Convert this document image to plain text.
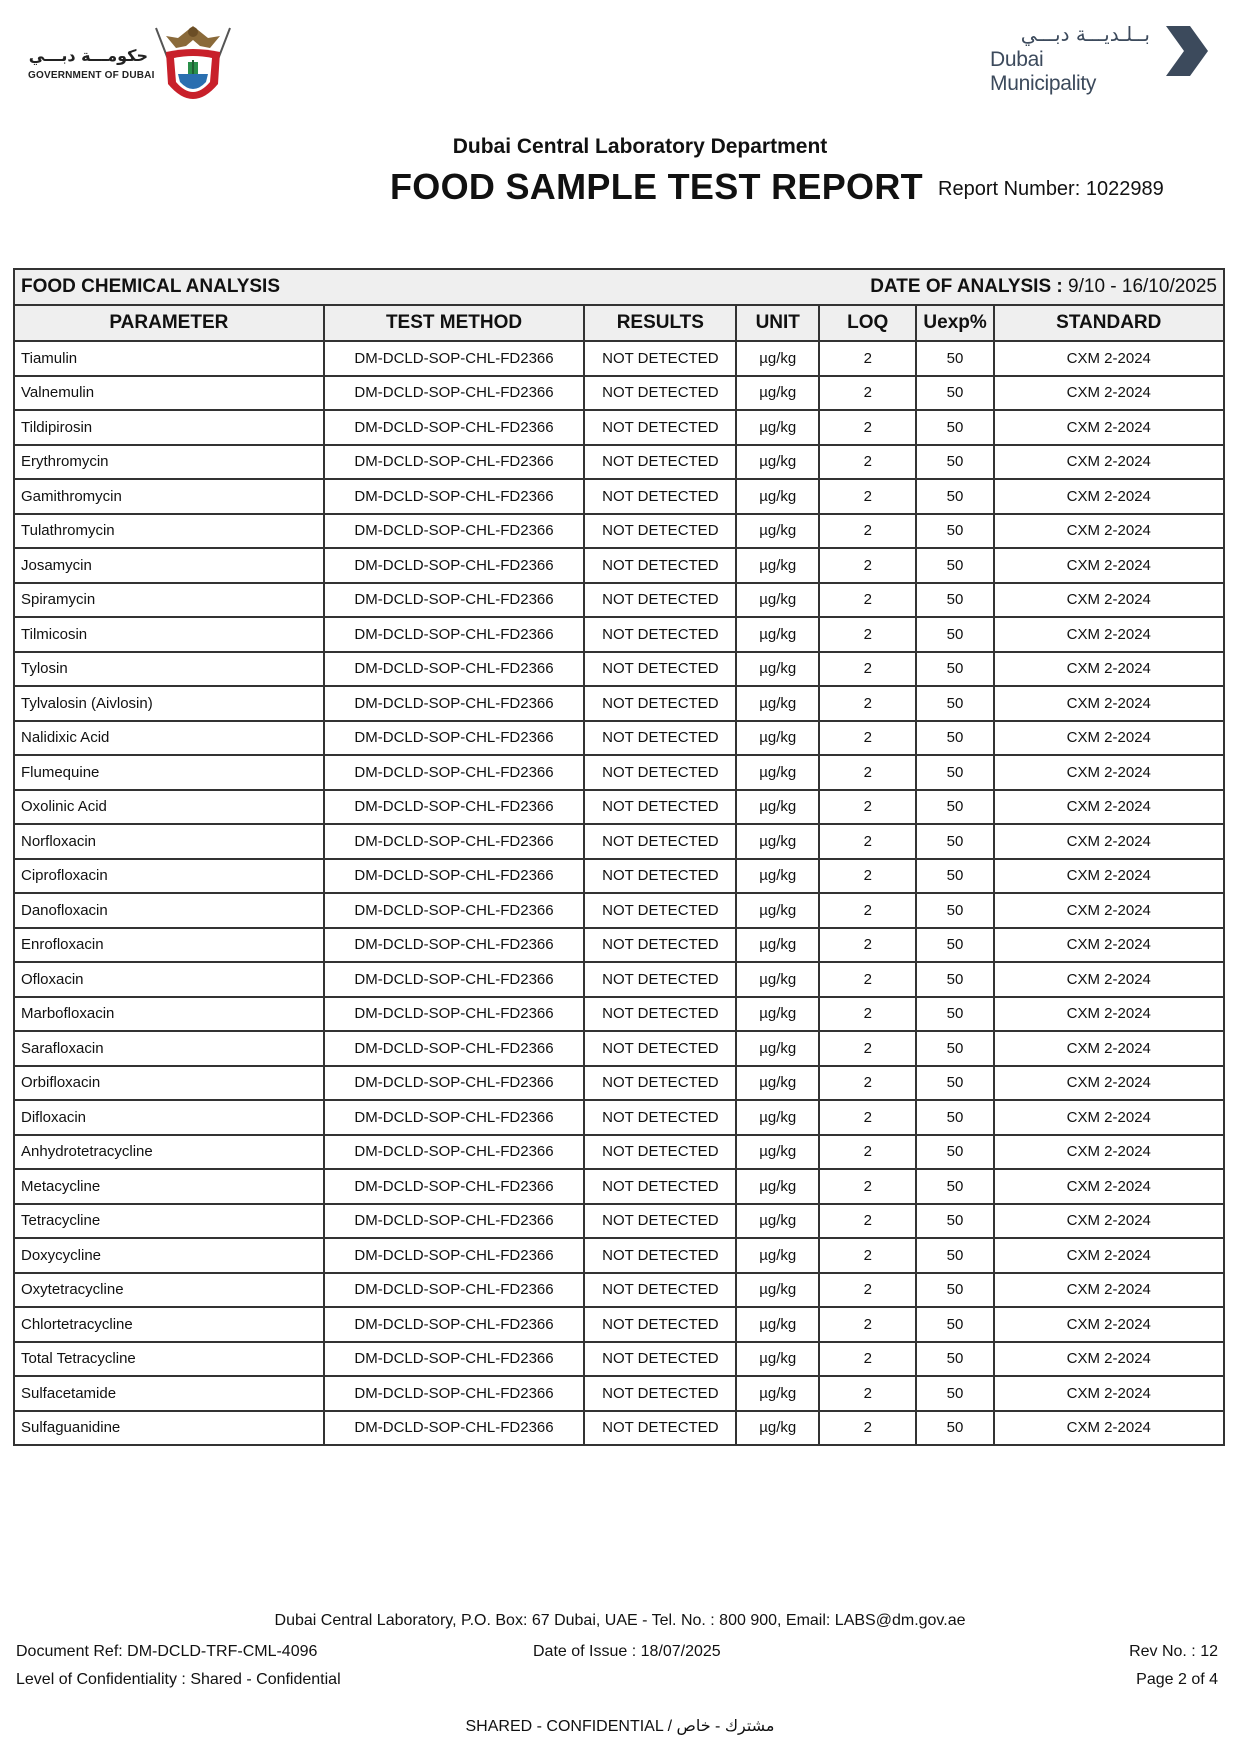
حكومـــة دبـــي
GOVERNMENT OF DUBAI
بــلـديـــة دبـــي
Dubai Municipality
Dubai Central Laboratory Department
FOOD SAMPLE TEST REPORT Report Number: 1022989
FOOD CHEMICAL ANALYSIS DATE OF ANALYSIS : 9/10 - 16/10/2025						

PARAMETER	TEST METHOD	RESULTS	UNIT	LOQ	Uexp%	STANDARD
Tiamulin	DM-DCLD-SOP-CHL-FD2366	NOT DETECTED	µg/kg	2	50	CXM 2-2024
Valnemulin	DM-DCLD-SOP-CHL-FD2366	NOT DETECTED	µg/kg	2	50	CXM 2-2024
Tildipirosin	DM-DCLD-SOP-CHL-FD2366	NOT DETECTED	µg/kg	2	50	CXM 2-2024
Erythromycin	DM-DCLD-SOP-CHL-FD2366	NOT DETECTED	µg/kg	2	50	CXM 2-2024
Gamithromycin	DM-DCLD-SOP-CHL-FD2366	NOT DETECTED	µg/kg	2	50	CXM 2-2024
Tulathromycin	DM-DCLD-SOP-CHL-FD2366	NOT DETECTED	µg/kg	2	50	CXM 2-2024
Josamycin	DM-DCLD-SOP-CHL-FD2366	NOT DETECTED	µg/kg	2	50	CXM 2-2024
Spiramycin	DM-DCLD-SOP-CHL-FD2366	NOT DETECTED	µg/kg	2	50	CXM 2-2024
Tilmicosin	DM-DCLD-SOP-CHL-FD2366	NOT DETECTED	µg/kg	2	50	CXM 2-2024
Tylosin	DM-DCLD-SOP-CHL-FD2366	NOT DETECTED	µg/kg	2	50	CXM 2-2024
Tylvalosin (Aivlosin)	DM-DCLD-SOP-CHL-FD2366	NOT DETECTED	µg/kg	2	50	CXM 2-2024
Nalidixic Acid	DM-DCLD-SOP-CHL-FD2366	NOT DETECTED	µg/kg	2	50	CXM 2-2024
Flumequine	DM-DCLD-SOP-CHL-FD2366	NOT DETECTED	µg/kg	2	50	CXM 2-2024
Oxolinic Acid	DM-DCLD-SOP-CHL-FD2366	NOT DETECTED	µg/kg	2	50	CXM 2-2024
Norfloxacin	DM-DCLD-SOP-CHL-FD2366	NOT DETECTED	µg/kg	2	50	CXM 2-2024
Ciprofloxacin	DM-DCLD-SOP-CHL-FD2366	NOT DETECTED	µg/kg	2	50	CXM 2-2024
Danofloxacin	DM-DCLD-SOP-CHL-FD2366	NOT DETECTED	µg/kg	2	50	CXM 2-2024
Enrofloxacin	DM-DCLD-SOP-CHL-FD2366	NOT DETECTED	µg/kg	2	50	CXM 2-2024
Ofloxacin	DM-DCLD-SOP-CHL-FD2366	NOT DETECTED	µg/kg	2	50	CXM 2-2024
Marbofloxacin	DM-DCLD-SOP-CHL-FD2366	NOT DETECTED	µg/kg	2	50	CXM 2-2024
Sarafloxacin	DM-DCLD-SOP-CHL-FD2366	NOT DETECTED	µg/kg	2	50	CXM 2-2024
Orbifloxacin	DM-DCLD-SOP-CHL-FD2366	NOT DETECTED	µg/kg	2	50	CXM 2-2024
Difloxacin	DM-DCLD-SOP-CHL-FD2366	NOT DETECTED	µg/kg	2	50	CXM 2-2024
Anhydrotetracycline	DM-DCLD-SOP-CHL-FD2366	NOT DETECTED	µg/kg	2	50	CXM 2-2024
Metacycline	DM-DCLD-SOP-CHL-FD2366	NOT DETECTED	µg/kg	2	50	CXM 2-2024
Tetracycline	DM-DCLD-SOP-CHL-FD2366	NOT DETECTED	µg/kg	2	50	CXM 2-2024
Doxycycline	DM-DCLD-SOP-CHL-FD2366	NOT DETECTED	µg/kg	2	50	CXM 2-2024
Oxytetracycline	DM-DCLD-SOP-CHL-FD2366	NOT DETECTED	µg/kg	2	50	CXM 2-2024
Chlortetracycline	DM-DCLD-SOP-CHL-FD2366	NOT DETECTED	µg/kg	2	50	CXM 2-2024
Total Tetracycline	DM-DCLD-SOP-CHL-FD2366	NOT DETECTED	µg/kg	2	50	CXM 2-2024
Sulfacetamide	DM-DCLD-SOP-CHL-FD2366	NOT DETECTED	µg/kg	2	50	CXM 2-2024
Sulfaguanidine	DM-DCLD-SOP-CHL-FD2366	NOT DETECTED	µg/kg	2	50	CXM 2-2024
Dubai Central Laboratory, P.O. Box: 67 Dubai, UAE - Tel. No. : 800 900, Email: LABS@dm.gov.ae
Document Ref: DM-DCLD-TRF-CML-4096	Date of Issue : 18/07/2025	Rev No. : 12
Level of Confidentiality : Shared - Confidential	Page 2 of 4
SHARED - CONFIDENTIAL / مشترك - خاص
